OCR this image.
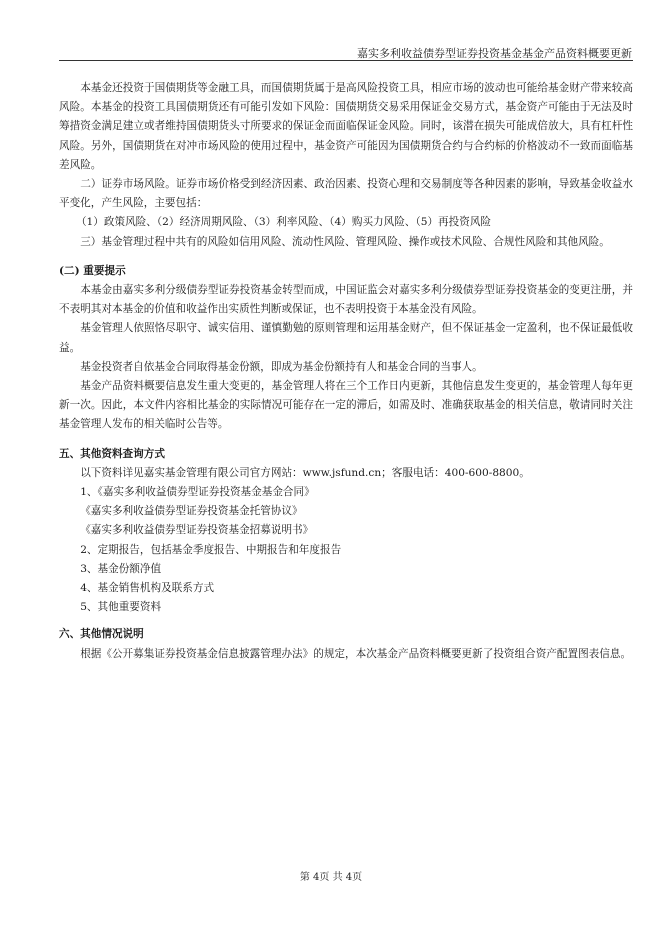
嘉实多利收益债券型证券投资基金基金产品资料概要更新

本基金还投资于国债期货等金融工具，而国债期货属于是高风险投资工具，相应市场的波动也可能给基金财产带来较高风险。本基金的投资工具国债期货还有可能引发如下风险：国债期货交易采用保证金交易方式，基金资产可能由于无法及时筹措资金满足建立或者维持国债期货头寸所要求的保证金而面临保证金风险。同时，该潜在损失可能成倍放大，具有杠杆性风险。另外，国债期货在对冲市场风险的使用过程中，基金资产可能因为国债期货合约与合约标的价格波动不一致而面临基差风险。

二）证券市场风险。证券市场价格受到经济因素、政治因素、投资心理和交易制度等各种因素的影响，导致基金收益水平变化，产生风险，主要包括：

（1）政策风险、（2）经济周期风险、（3）利率风险、（4）购买力风险、（5）再投资风险

三）基金管理过程中共有的风险如信用风险、流动性风险、管理风险、操作或技术风险、合规性风险和其他风险。

(二) 重要提示

本基金由嘉实多利分级债券型证券投资基金转型而成，中国证监会对嘉实多利分级债券型证券投资基金的变更注册，并不表明其对本基金的价值和收益作出实质性判断或保证，也不表明投资于本基金没有风险。

基金管理人依照恪尽职守、诚实信用、谨慎勤勉的原则管理和运用基金财产，但不保证基金一定盈利，也不保证最低收益。

基金投资者自依基金合同取得基金份额，即成为基金份额持有人和基金合同的当事人。

基金产品资料概要信息发生重大变更的，基金管理人将在三个工作日内更新，其他信息发生变更的，基金管理人每年更新一次。因此，本文件内容相比基金的实际情况可能存在一定的滞后，如需及时、准确获取基金的相关信息，敬请同时关注基金管理人发布的相关临时公告等。

五、其他资料查询方式

以下资料详见嘉实基金管理有限公司官方网站：www.jsfund.cn；客服电话：400-600-8800。

1、《嘉实多利收益债券型证券投资基金基金合同》

《嘉实多利收益债券型证券投资基金托管协议》

《嘉实多利收益债券型证券投资基金招募说明书》

2、定期报告，包括基金季度报告、中期报告和年度报告

3、基金份额净值

4、基金销售机构及联系方式

5、其他重要资料

六、其他情况说明

根据《公开募集证券投资基金信息披露管理办法》的规定，本次基金产品资料概要更新了投资组合资产配置图表信息。

第 4页 共 4页
